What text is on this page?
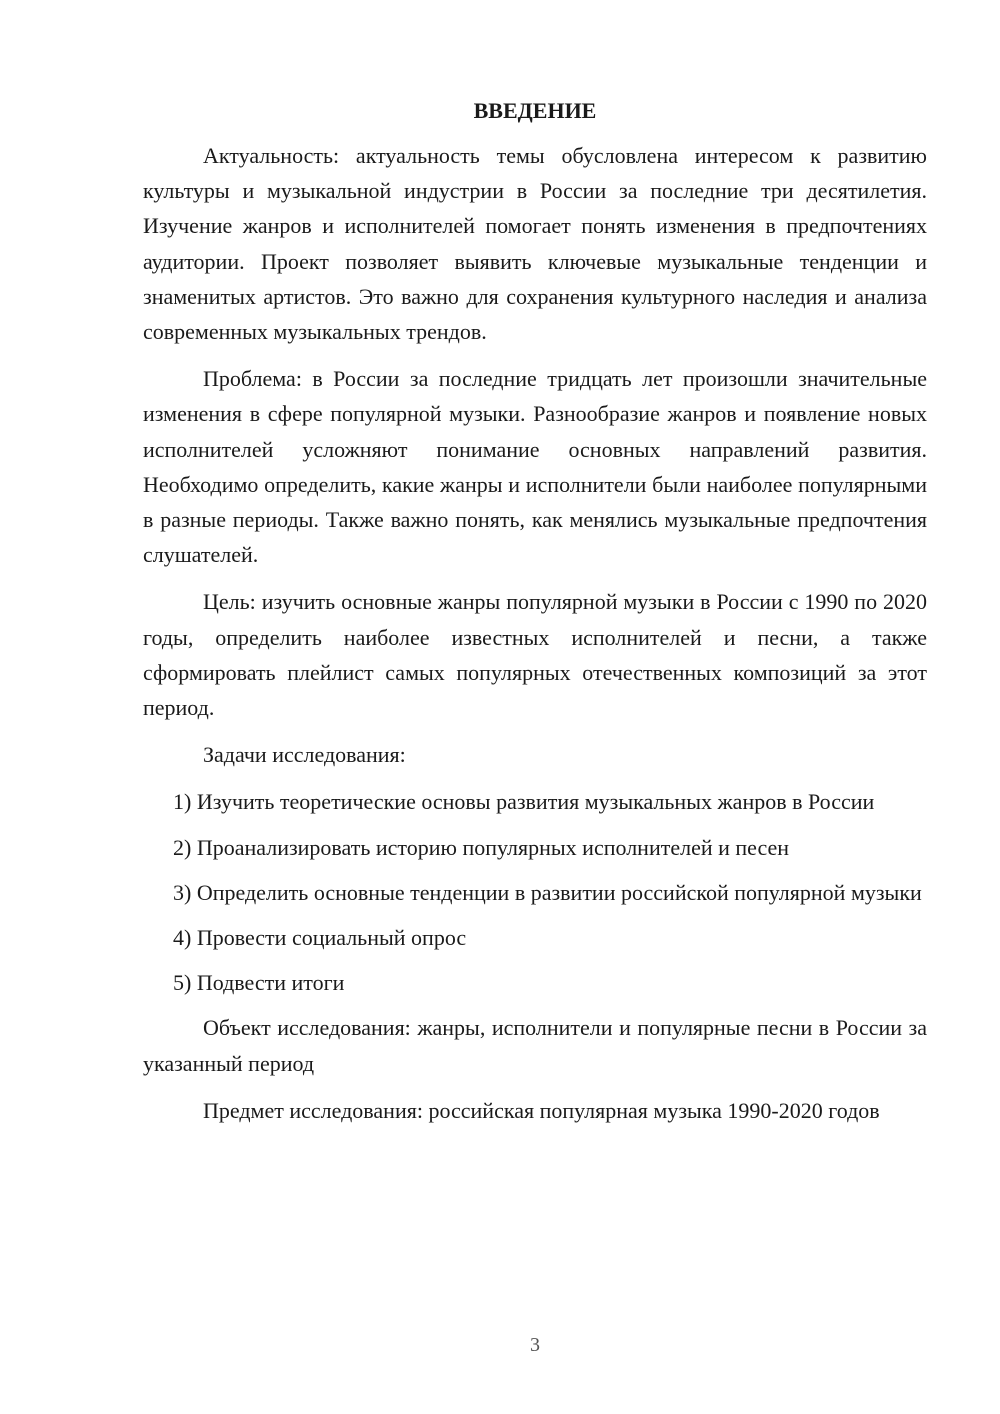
ВВЕДЕНИЕ

Актуальность: актуальность темы обусловлена интересом к развитию культуры и музыкальной индустрии в России за последние три десятилетия. Изучение жанров и исполнителей помогает понять изменения в предпочтениях аудитории. Проект позволяет выявить ключевые музыкальные тенденции и знаменитых артистов. Это важно для сохранения культурного наследия и анализа современных музыкальных трендов.

Проблема: в России за последние тридцать лет произошли значительные изменения в сфере популярной музыки. Разнообразие жанров и появление новых исполнителей усложняют понимание основных направлений развития. Необходимо определить, какие жанры и исполнители были наиболее популярными в разные периоды. Также важно понять, как менялись музыкальные предпочтения слушателей.

Цель: изучить основные жанры популярной музыки в России с 1990 по 2020 годы, определить наиболее известных исполнителей и песни, а также сформировать плейлист самых популярных отечественных композиций за этот период.

Задачи исследования:

1) Изучить теоретические основы развития музыкальных жанров в России

2) Проанализировать историю популярных исполнителей и песен

3) Определить основные тенденции в развитии российской популярной музыки

4) Провести социальный опрос

5) Подвести итоги

Объект исследования: жанры, исполнители и популярные песни в России за указанный период

Предмет исследования: российская популярная музыка 1990-2020 годов

3
